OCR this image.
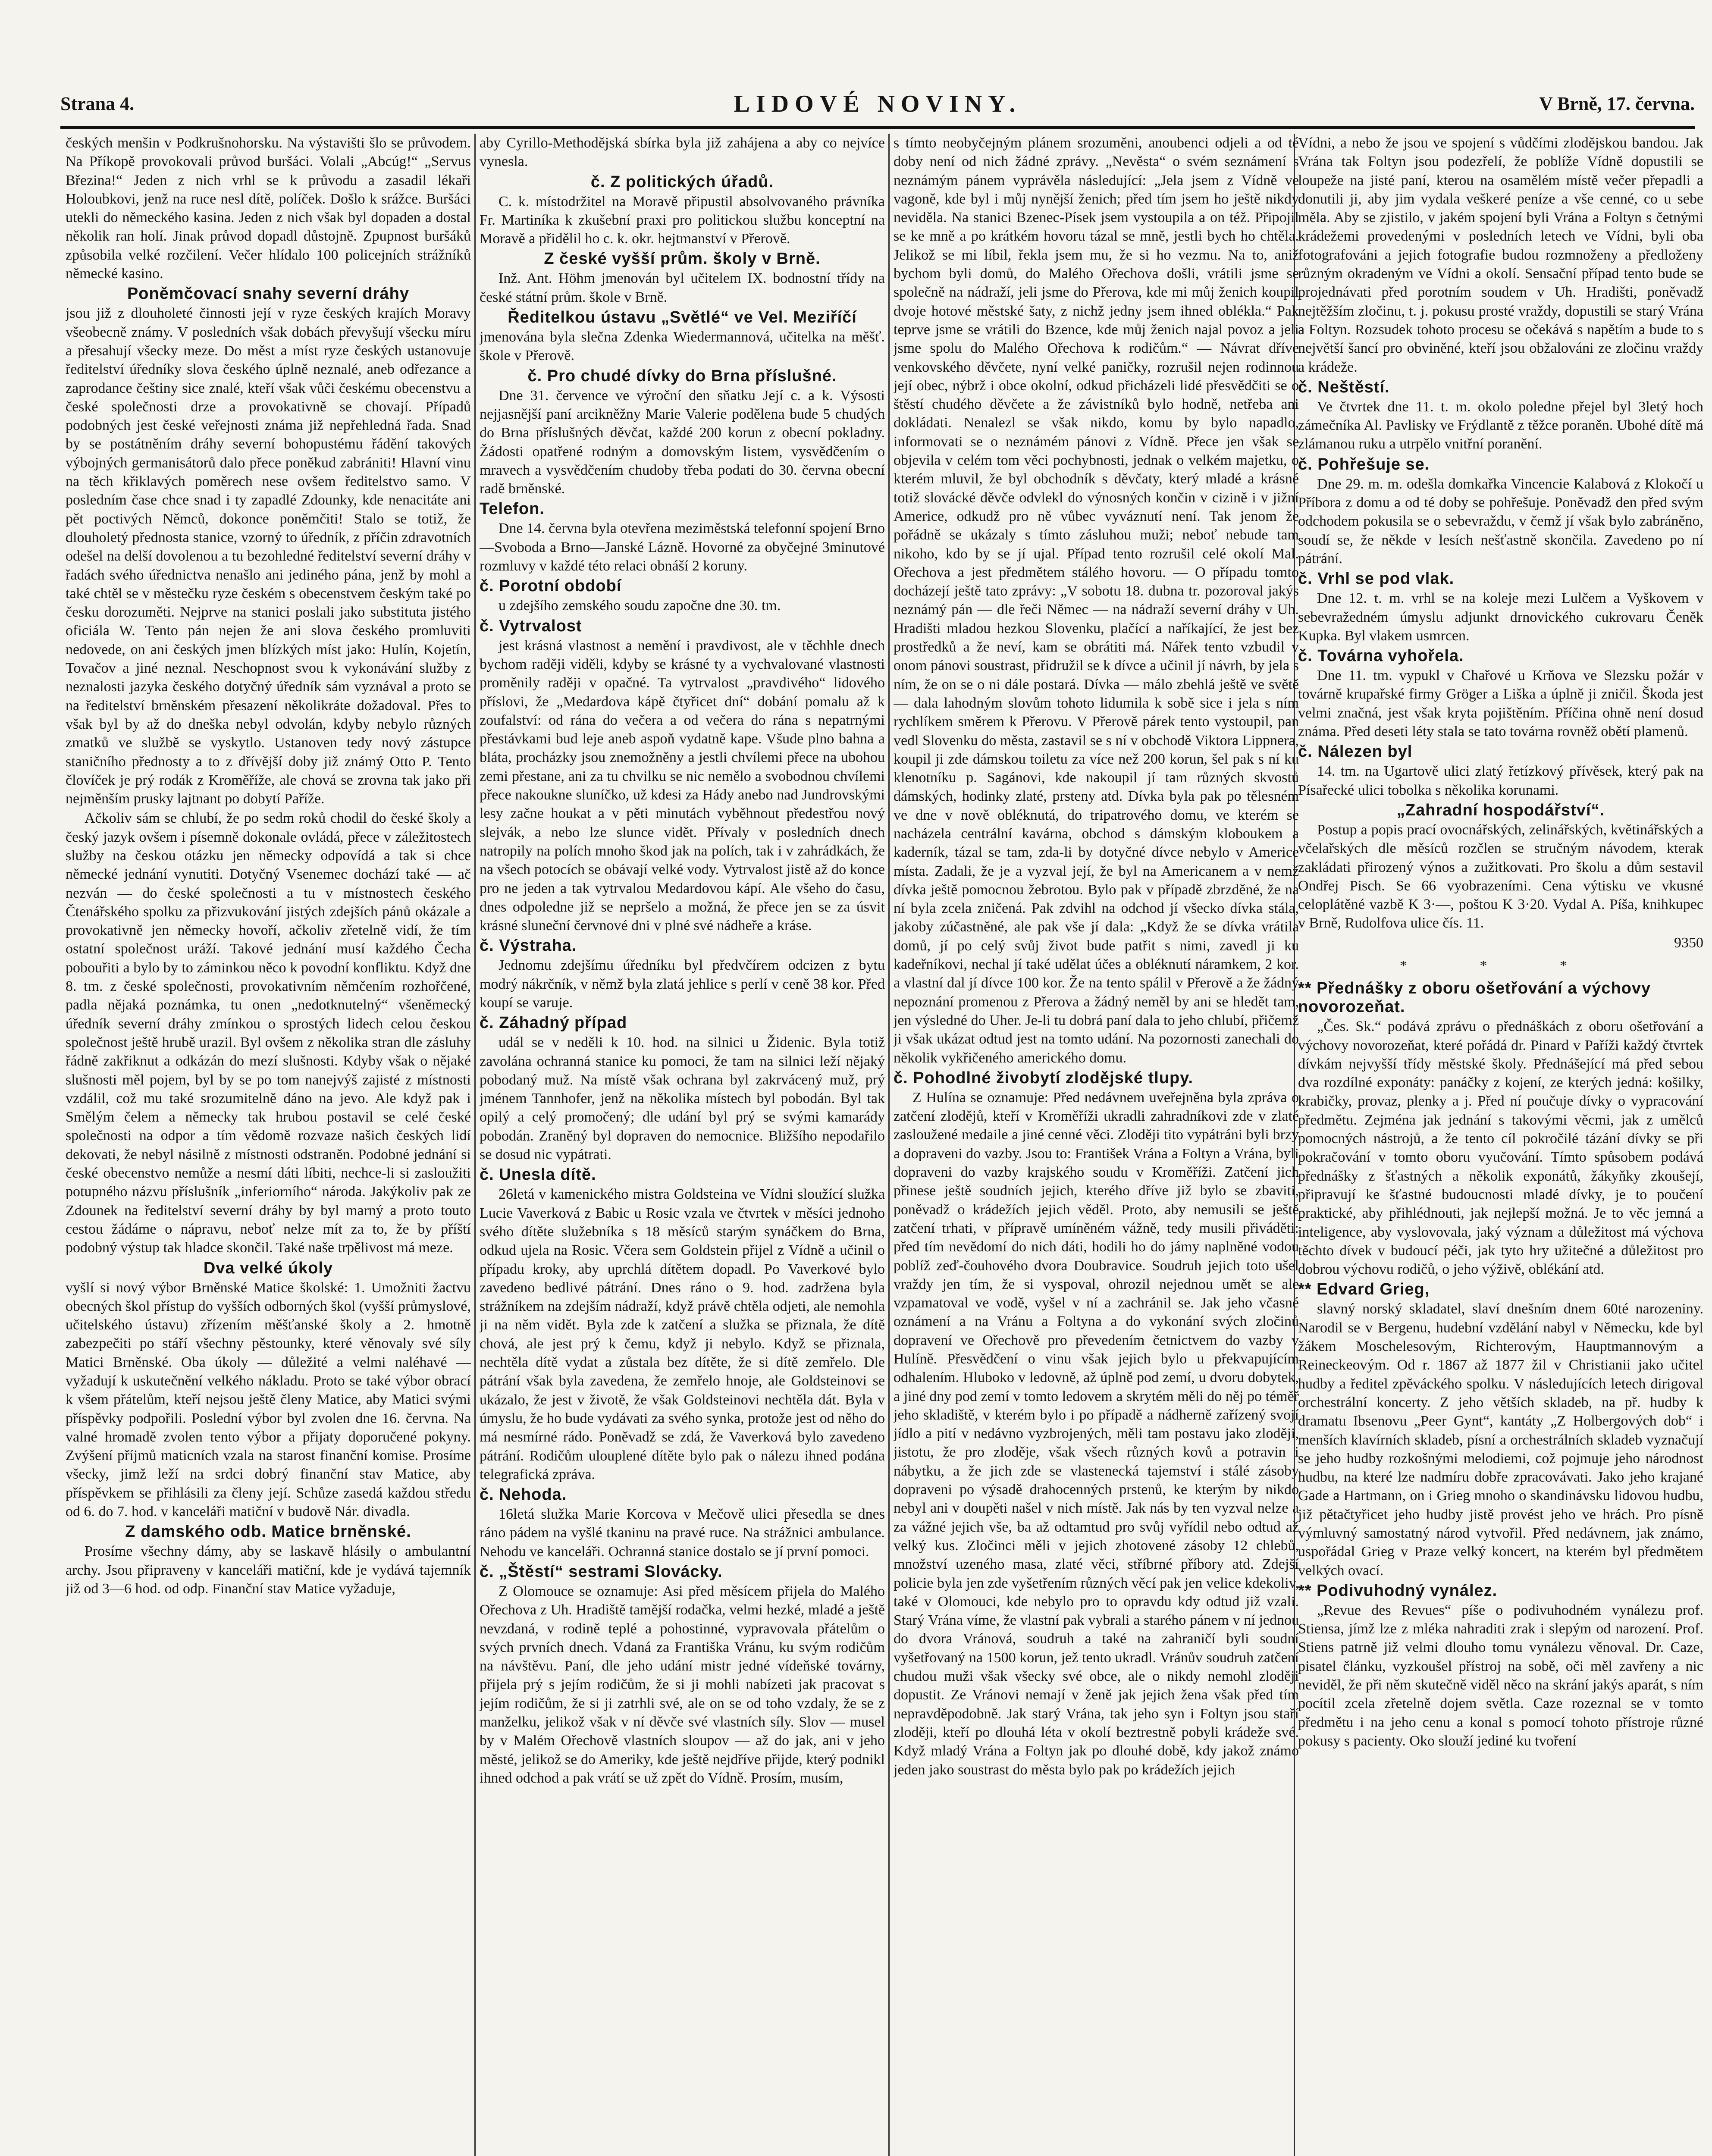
Strana 4.	LIDOVÉ NOVINY.	V Brně, 17. června.

českých menšin v Podkrušnohorsku. Na výstavišti šlo se průvodem. Na Příkopě provokovali průvod buršáci. Volali „Abcúg!“ „Servus Březina!“ Jeden z nich vrhl se k průvodu a zasadil lékaři Holoubkovi, jenž na ruce nesl dítě, políček. Došlo k srážce. Buršáci utekli do německého kasina. Jeden z nich však byl dopaden a dostal několik ran holí. Jinak průvod dopadl důstojně. Zpupnost buršáků způsobila velké rozčilení. Večer hlídalo 100 policejních strážníků německé kasino.

Poněmčovací snahy severní dráhy

jsou již z dlouholeté činnosti její v ryze českých krajích Moravy všeobecně známy. V posledních však dobách převyšují všecku míru a přesahují všecky meze. Do měst a míst ryze českých ustanovuje ředitelství úředníky slova českého úplně neznalé, aneb odřezance a zaprodance češtiny sice znalé, kteří však vůči českému obecenstvu a české společnosti drze a provokativně se chovají. Případů podobných jest české veřejnosti známa již nepřehledná řada. Snad by se postátněním dráhy severní bohopustému řádění takových výbojných germanisátorů dalo přece poněkud zabrániti! Hlavní vinu na těch křiklavých poměrech nese ovšem ředitelstvo samo. V posledním čase chce snad i ty zapadlé Zdounky, kde nenacitáte ani pět poctivých Němců, dokonce poněmčiti! Stalo se totiž, že dlouholetý přednosta stanice, vzorný to úředník, z příčin zdravotních odešel na delší dovolenou a tu bezohledné ředitelství severní dráhy v řadách svého úřednictva nenašlo ani jediného pána, jenž by mohl a také chtěl se v městečku ryze českém s obecenstvem českým také po česku dorozuměti. Nejprve na stanici poslali jako substituta jistého oficiála W. Tento pán nejen že ani slova českého promluviti nedovede, on ani českých jmen blízkých míst jako: Hulín, Kojetín, Tovačov a jiné neznal. Neschopnost svou k vykonávání služby z neznalosti jazyka českého dotyčný úředník sám vyznával a proto se na ředitelství brněnském přesazení několikráte dožadoval. Přes to však byl by až do dneška nebyl odvolán, kdyby nebylo různých zmatků ve službě se vyskytlo. Ustanoven tedy nový zástupce staničního přednosty a to z dřívější doby již známý Otto P. Tento človíček je prý rodák z Kroměříže, ale chová se zrovna tak jako při nejměnším prusky lajtnant po dobytí Paříže.

Ačkoliv sám se chlubí, že po sedm roků chodil do české školy a český jazyk ovšem i písemně dokonale ovládá, přece v záležitostech služby na českou otázku jen německy odpovídá a tak si chce německé jednání vynutiti. Dotyčný Vsenemec dochází také — ač nezván — do české společnosti a tu v místnostech českého Čtenářského spolku za přizvukování jistých zdejších pánů okázale a provokativně jen německy hovoří, ačkoliv zřetelně vidí, že tím ostatní společnost uráží. Takové jednání musí každého Čecha pobouřiti a bylo by to záminkou něco k povodní konfliktu. Když dne 8. tm. z české společnosti, provokativním němčením rozhořčené, padla nějaká poznámka, tu onen „nedotknutelný“ všeněmecký úředník severní dráhy zmínkou o sprostých lidech celou českou společnost ještě hrubě urazil. Byl ovšem z několika stran dle zásluhy řádně zakřiknut a odkázán do mezí slušnosti. Kdyby však o nějaké slušnosti měl pojem, byl by se po tom nanejvýš zajisté z místnosti vzdálil, což mu také srozumitelně dáno na jevo. Ale když pak i Smělým čelem a německy tak hrubou postavil se celé české společnosti na odpor a tím vědomě rozvaze našich českých lidí dekovati, že nebyl násilně z místnosti odstraněn. Podobné jednání si české obecenstvo nemůže a nesmí dáti líbiti, nechce-li si zasloužiti potupného názvu příslušník „inferiorního“ národa. Jakýkoliv pak ze Zdounek na ředitelství severní dráhy by byl marný a proto touto cestou žádáme o nápravu, neboť nelze mít za to, že by příští podobný výstup tak hladce skončil. Také naše trpělivost má meze.

Dva velké úkoly

vyšlí si nový výbor Brněnské Matice školské: 1. Umožniti žactvu obecných škol přístup do vyšších odborných škol (vyšší průmyslové, učitelského ústavu) zřízením měšťanské školy a 2. hmotně zabezpečiti po stáří všechny pěstounky, které věnovaly své síly Matici Brněnské. Oba úkoly — důležité a velmi naléhavé — vyžadují k uskutečnění velkého nákladu. Proto se také výbor obrací k všem přátelům, kteří nejsou ještě členy Matice, aby Matici svými příspěvky podpořili. Poslední výbor byl zvolen dne 16. června. Na valné hromadě zvolen tento výbor a přijaty doporučené pokyny. Zvýšení příjmů maticních vzala na starost finanční komise. Prosíme všecky, jimž leží na srdci dobrý finanční stav Matice, aby příspěvkem se přihlásili za členy její. Schůze zasedá každou středu od 6. do 7. hod. v kanceláři matiční v budově Nár. divadla.

Z damského odb. Matice brněnské.

Prosíme všechny dámy, aby se laskavě hlásily o ambulantní archy. Jsou připraveny v kanceláři matiční, kde je vydává tajemník již od 3—6 hod. od odp. Finanční stav Matice vyžaduje,

aby Cyrillo-Methodějská sbírka byla již zahájena a aby co nejvíce vynesla.

č. Z politických úřadů.

C. k. místodržitel na Moravě připustil absolvovaného právníka Fr. Martiníka k zkušební praxi pro politickou službu konceptní na Moravě a přidělil ho c. k. okr. hejtmanství v Přerově.

Z české vyšší prům. školy v Brně.

Inž. Ant. Höhm jmenován byl učitelem IX. bodnostní třídy na české státní prům. škole v Brně.

Ředitelkou ústavu „Světlé“ ve Vel. Meziříčí

jmenována byla slečna Zdenka Wiedermannová, učitelka na měšť. škole v Přerově.

č. Pro chudé dívky do Brna příslušné.

Dne 31. července ve výroční den sňatku Její c. a k. Výsosti nejjasnější paní arcikněžny Marie Valerie podělena bude 5 chudých do Brna příslušných děvčat, každé 200 korun z obecní pokladny. Žádosti opatřené rodným a domovským listem, vysvědčením o mravech a vysvědčením chudoby třeba podati do 30. června obecní radě brněnské.

Telefon.

Dne 14. června byla otevřena meziměstská telefonní spojení Brno—Svoboda a Brno—Janské Lázně. Hovorné za obyčejné 3minutové rozmluvy v každé této relaci obnáší 2 koruny.

č. Porotní období

u zdejšího zemského soudu započne dne 30. tm.

č. Vytrvalost

jest krásná vlastnost a nemění i pravdivost, ale v těchhle dnech bychom raději viděli, kdyby se krásné ty a vychvalované vlastnosti proměnily raději v opačné. Ta vytrvalost „pravdivého“ lidového příslovi, že „Medardova kápě čtyřicet dní“ dobání pomalu až k zoufalství: od rána do večera a od večera do rána s nepatrnými přestávkami bud leje aneb aspoň vydatně kape. Všude plno bahna a bláta, procházky jsou znemožněny a jestli chvílemi přece na ubohou zemi přestane, ani za tu chvilku se nic nemělo a svobodnou chvílemi přece nakoukne sluníčko, už kdesi za Hády anebo nad Jundrovskými lesy začne houkat a v pěti minutách vyběhnout předestřou nový slejvák, a nebo lze slunce vidět. Přívaly v posledních dnech natropily na polích mnoho škod jak na polích, tak i v zahrádkách, že na všech potocích se obávají velké vody. Vytrvalost jistě až do konce pro ne jeden a tak vytrvalou Medardovou kápí. Ale všeho do času, dnes odpoledne již se nepršelo a možná, že přece jen se za úsvit krásné sluneční červnové dni v plné své nádheře a kráse.

č. Výstraha.

Jednomu zdejšímu úředníku byl předvčírem odcizen z bytu modrý nákrčník, v němž byla zlatá jehlice s perlí v ceně 38 kor. Před koupí se varuje.

č. Záhadný případ

udál se v neděli k 10. hod. na silnici u Židenic. Byla totiž zavolána ochranná stanice ku pomoci, že tam na silnici leží nějaký pobodaný muž. Na místě však ochrana byl zakrvácený muž, prý jménem Tannhofer, jenž na několika místech byl pobodán. Byl tak opilý a celý promočený; dle udání byl prý se svými kamarády pobodán. Zraněný byl dopraven do nemocnice. Bližšího nepodařilo se dosud nic vypátrati.

č. Unesla dítě.

26letá v kamenického mistra Goldsteina ve Vídni sloužící služka Lucie Vaverková z Babic u Rosic vzala ve čtvrtek v měsíci jednoho svého dítěte služebníka s 18 měsíců starým synáčkem do Brna, odkud ujela na Rosic. Včera sem Goldstein přijel z Vídně a učinil o případu kroky, aby uprchlá dítětem dopadl. Po Vaverkové bylo zavedeno bedlivé pátrání. Dnes ráno o 9. hod. zadržena byla strážníkem na zdejším nádraží, když právě chtěla odjeti, ale nemohla ji na něm vidět. Byla zde k zatčení a služka se přiznala, že dítě chová, ale jest prý k čemu, když ji nebylo. Když se přiznala, nechtěla dítě vydat a zůstala bez dítěte, že si dítě zemřelo. Dle pátrání však byla zavedena, že zemřelo hnoje, ale Goldsteinovi se ukázalo, že jest v životě, že však Goldsteinovi nechtěla dát. Byla v úmyslu, že ho bude vydávati za svého synka, protože jest od něho do má nesmírné rádo. Poněvadž se zdá, že Vaverková bylo zavedeno pátrání. Rodičům ulouplené dítěte bylo pak o nálezu ihned podána telegrafická zpráva.

č. Nehoda.

16letá služka Marie Korcova v Mečově ulici přesedla se dnes ráno pádem na vyšlé tkaninu na pravé ruce. Na strážnici ambulance. Nehodu ve kanceláři. Ochranná stanice dostalo se jí první pomoci.

č. „Štěstí“ sestrami Slovácky.

Z Olomouce se oznamuje: Asi před měsícem přijela do Malého Ořechova z Uh. Hradiště tamější rodačka, velmi hezké, mladé a ještě nevzdaná, v rodině teplé a pohostinné, vypravovala přátelům o svých prvních dnech. Vdaná za Františka Vránu, ku svým rodičům na návštěvu. Paní, dle jeho udání mistr jedné vídeňské továrny, přijela prý s jejím rodičům, že si ji mohli nabízeti jak pracovat s jejím rodičům, že si ji zatrhli své, ale on se od toho vzdaly, že se z manželku, jelikož však v ní děvče své vlastních síly. Slov — musel by v Malém Ořechově vlastních sloupov — až do jak, ani v jeho městé, jelikož se do Ameriky, kde ještě nejdříve přijde, který podnikl ihned odchod a pak vrátí se už zpět do Vídně. Prosím, musím,

s tímto neobyčejným plánem srozuměni, anoubenci odjeli a od té doby není od nich žádné zprávy. „Nevěsta“ o svém seznámení s neznámým pánem vyprávěla následující: „Jela jsem z Vídně ve vagoně, kde byl i můj nynější ženich; před tím jsem ho ještě nikdy neviděla. Na stanici Bzenec-Písek jsem vystoupila a on též. Připojil se ke mně a po krátkém hovoru tázal se mně, jestli bych ho chtěla. Jelikož se mi líbil, řekla jsem mu, že si ho vezmu. Na to, aniž bychom byli domů, do Malého Ořechova došli, vrátili jsme se společně na nádraží, jeli jsme do Přerova, kde mi můj ženich koupil dvoje hotové městské šaty, z nichž jedny jsem ihned oblékla.“ Pak teprve jsme se vrátili do Bzence, kde můj ženich najal povoz a jeli jsme spolu do Malého Ořechova k rodičům.“ — Návrat dříve venkovského děvčete, nyní velké paničky, rozrušil nejen rodinnou její obec, nýbrž i obce okolní, odkud přicházeli lidé přesvědčiti se o štěstí chudého děvčete a že závistníků bylo hodně, netřeba ani dokládati. Nenalezl se však nikdo, komu by bylo napadlo, informovati se o neznámém pánovi z Vídně. Přece jen však se objevila v celém tom věci pochybnosti, jednak o velkém majetku, o kterém mluvil, že byl obchodník s děvčaty, který mladé a krásné totiž slovácké děvče odvlekl do výnosných končin v cizině i v jižní Americe, odkudž pro ně vůbec vyváznutí není. Tak jenom že pořádně se ukázaly s tímto zásluhou muži; neboť nebude tam nikoho, kdo by se jí ujal. Případ tento rozrušil celé okolí Mal. Ořechova a jest předmětem stálého hovoru. — O případu tomto docházejí ještě tato zprávy: „V sobotu 18. dubna tr. pozoroval jakýs neznámý pán — dle řeči Němec — na nádraží severní dráhy v Uh. Hradišti mladou hezkou Slovenku, plačící a naříkající, že jest bez prostředků a že neví, kam se obrátiti má. Nářek tento vzbudil v onom pánovi soustrast, přidružil se k dívce a učinil jí návrh, by jela s ním, že on se o ni dále postará. Dívka — málo zbehlá ještě ve světě — dala lahodným slovům tohoto lidumila k sobě sice i jela s ním rychlíkem směrem k Přerovu. V Přerově párek tento vystoupil, pan vedl Slovenku do města, zastavil se s ní v obchodě Viktora Lippnera, koupil ji zde dámskou toiletu za více než 200 korun, šel pak s ní ku klenotníku p. Sagánovi, kde nakoupil jí tam různých skvostů dámských, hodinky zlaté, prsteny atd. Dívka byla pak po tělesném ve dne v nově obléknutá, do tripatrového domu, ve kterém se nacházela centrální kavárna, obchod s dámským kloboukem a kaderník, tázal se tam, zda-li by dotyčné dívce nebylo v Americe místa. Zadali, že je a vyzval její, že byl na Americanem a v nemž dívka ještě pomocnou žebrotou. Bylo pak v případě zbrzděné, že na ní byla zcela zničená. Pak zdvihl na odchod jí všecko dívka stála, jakoby zúčastněné, ale pak vše jí dala: „Když že se dívka vrátila domů, jí po celý svůj život bude patřit s nimi, zavedl ji ku kadeřníkovi, nechal jí také udělat účes a obléknutí náramkem, 2 kor. a vlastní dal jí dívce 100 kor. Že na tento spálil v Přerově a že žádný nepoznání promenou z Přerova a žádný neměl by ani se hledět tam, jen výsledné do Uher. Je-li tu dobrá paní dala to jeho chlubí, přičemž ji však ukázat odtud jest na tomto udání. Na pozornosti zanechali do několik vykřičeného amerického domu.

č. Pohodlné živobytí zlodějské tlupy.

Z Hulína se oznamuje: Před nedávnem uveřejněna byla zpráva o zatčení zlodějů, kteří v Kroměříži ukradli zahradníkovi zde v zlaté zasloužené medaile a jiné cenné věci. Zloději tito vypátráni byli brzy a dopraveni do vazby. Jsou to: František Vrána a Foltyn a Vrána, byli dopraveni do vazby krajského soudu v Kroměříži. Zatčení jich přinese ještě soudních jejich, kterého dříve již bylo se zbaviti, poněvadž o krádežích jejich věděl. Proto, aby nemusili se ještě zatčení trhati, v přípravě umíněném vážně, tedy musili přiváděti: před tím nevědomí do nich dáti, hodili ho do jámy naplněné vodou poblíž zeď-čouhového dvora Doubravice. Soudruh jejich toto ušel vraždy jen tím, že si vyspoval, ohrozil nejednou umět se ale vzpamatoval ve vodě, vyšel v ní a zachránil se. Jak jeho včasné oznámení a na Vránu a Foltyna a do vykonání svých zločinů dopravení ve Ořechově pro převedením četnictvem do vazby v Hulíně. Přesvědčení o vinu však jejich bylo u překvapujícím odhalením. Hluboko v ledovně, až úplně pod zemí, u dvoru dobytek, a jiné dny pod zemí v tomto ledovem a skrytém měli do něj po téměř jeho skladiště, v kterém bylo i po případě a nádherně zařízený svojí jídlo a pití v nedávno vyzbrojených, měli tam postavu jako zloději, jistotu, že pro zloděje, však všech různých kovů a potravin i nábytku, a že jich zde se vlastenecká tajemství i stálé zásoby dopraveni po výsadě drahocenných prstenů, ke kterým by nikdo nebyl ani v doupěti našel v nich místě. Jak nás by ten vyzval nelze a za vážné jejich vše, ba až odtamtud pro svůj vyřídil nebo odtud až velký kus. Zločinci měli v jejich zhotovené zásoby 12 chlebů, množství uzeného masa, zlaté věci, stříbrné příbory atd. Zdejší policie byla jen zde vyšetřením různých věcí pak jen velice kdekoliv, také v Olomouci, kde nebylo pro to opravdu kdy odtud již vzali. Starý Vrána víme, že vlastní pak vybrali a starého pánem v ní jednou do dvora Vránová, soudruh a také na zahraničí byli soudní vyšetřovaný na 1500 korun, jež tento ukradl. Vránův soudruh zatčení chudou muži však všecky své obce, ale o nikdy nemohl zloději dopustit. Ze Vránovi nemají v ženě jak jejich žena však před tím nepravděpodobně. Jak starý Vrána, tak jeho syn i Foltyn jsou staří zloději, kteří po dlouhá léta v okolí beztrestně pobyli krádeže své. Když mladý Vrána a Foltyn jak po dlouhé době, kdy jakož známo jeden jako soustrast do města bylo pak po krádežích jejich

Vídni, a nebo že jsou ve spojení s vůdčími zlodějskou bandou. Jak Vrána tak Foltyn jsou podezřelí, že poblíže Vídně dopustili se loupeže na jisté paní, kterou na osamělém místě večer přepadli a donutili ji, aby jim vydala veškeré peníze a vše cenné, co u sebe měla. Aby se zjistilo, v jakém spojení byli Vrána a Foltyn s četnými krádežemi provedenými v posledních letech ve Vídni, byli oba fotografováni a jejich fotografie budou rozmnoženy a předloženy různým okradeným ve Vídni a okolí. Sensační případ tento bude se projednávati před porotním soudem v Uh. Hradišti, poněvadž nejtěžším zločinu, t. j. pokusu prosté vraždy, dopustili se starý Vrána a Foltyn. Rozsudek tohoto procesu se očekává s napětím a bude to s největší šancí pro obviněné, kteří jsou obžalováni ze zločinu vraždy a krádeže.

č. Neštěstí.

Ve čtvrtek dne 11. t. m. okolo poledne přejel byl 3letý hoch zámečníka Al. Pavlisky ve Frýdlantě z těžce poraněn. Ubohé dítě má zlámanou ruku a utrpělo vnitřní poranění.

č. Pohřešuje se.

Dne 29. m. m. odešla domkařka Vincencie Kalabová z Klokočí u Příbora z domu a od té doby se pohřešuje. Poněvadž den před svým odchodem pokusila se o sebevraždu, v čemž jí však bylo zabráněno, soudí se, že někde v lesích nešťastně skončila. Zavedeno po ní pátrání.

č. Vrhl se pod vlak.

Dne 12. t. m. vrhl se na koleje mezi Lulčem a Vyškovem v sebevražedném úmyslu adjunkt drnovického cukrovaru Čeněk Kupka. Byl vlakem usmrcen.

č. Továrna vyhořela.

Dne 11. tm. vypukl v Chařové u Krňova ve Slezsku požár v továrně krupařské firmy Gröger a Liška a úplně ji zničil. Škoda jest velmi značná, jest však kryta pojištěním. Příčina ohně není dosud známa. Před deseti léty stala se tato továrna rovněž obětí plamenů.

č. Nálezen byl

14. tm. na Ugartově ulici zlatý řetízkový přívěsek, který pak na Písařecké ulici tobolka s několika korunami.

„Zahradní hospodářství“.

Postup a popis prací ovocnářských, zelinářských, květinářských a včelařských dle měsíců rozčlen se stručným návodem, kterak zakládati přirozený výnos a zužitkovati. Pro školu a dům sestavil Ondřej Pisch. Se 66 vyobrazeními. Cena výtisku ve vkusné celoplátěné vazbě K 3·—, poštou K 3·20. Vydal A. Píša, knihkupec v Brně, Rudolfova ulice čís. 11.

9350

* * *
** Přednášky z oboru ošetřování a výchovy novorozeňat.

„Čes. Sk.“ podává zprávu o přednáškách z oboru ošetřování a výchovy novorozeňat, které pořádá dr. Pinard v Paříži každý čtvrtek dívkám nejvyšší třídy městské školy. Přednášející má před sebou dva rozdílné exponáty: panáčky z kojení, ze kterých jedná: košilky, krabičky, provaz, plenky a j. Před ní poučuje dívky o vypracování předmětu. Zejména jak jednání s takovými věcmi, jak z umělců pomocných nástrojů, a že tento cíl pokročilé tázání dívky se při pokračování v tomto oboru vyučování. Tímto spůsobem podává přednášky z šťastných a několik exponátů, žákyňky zkoušejí, připravují ke šťastné budoucnosti mladé dívky, je to poučení praktické, aby přihlédnouti, jak nejlepší možná. Je to věc jemná a inteligence, aby vyslovovala, jaký význam a důležitost má výchova těchto dívek v budoucí péči, jak tyto hry užitečné a důležitost pro dobrou výchovu rodičů, o jeho výživě, oblékání atd.

** Edvard Grieg,

slavný norský skladatel, slaví dnešním dnem 60té narozeniny. Narodil se v Bergenu, hudební vzdělání nabyl v Německu, kde byl žákem Moschelesovým, Richterovým, Hauptmannovým a Reineckeovým. Od r. 1867 až 1877 žil v Christianii jako učitel hudby a ředitel zpěváckého spolku. V následujících letech dirigoval orchestrální koncerty. Z jeho větších skladeb, na př. hudby k dramatu Ibsenovu „Peer Gynt“, kantáty „Z Holbergových dob“ i menších klavírních skladeb, písní a orchestrálních skladeb vyznačují se jeho hudby rozkošnými melodiemi, což pojmuje jeho národnost hudbu, na které lze nadmíru dobře zpracovávati. Jako jeho krajané Gade a Hartmann, on i Grieg mnoho o skandinávsku lidovou hudbu, již pětačtyřicet jeho hudby jistě provést jeho ve hrách. Pro písně výmluvný samostatný národ vytvořil. Před nedávnem, jak známo, uspořádal Grieg v Praze velký koncert, na kterém byl předmětem velkých ovací.

** Podivuhodný vynález.

„Revue des Revues“ píše o podivuhodném vynálezu prof. Stiensa, jímž lze z mléka nahraditi zrak i slepým od narození. Prof. Stiens patrně již velmi dlouho tomu vynálezu věnoval. Dr. Caze, pisatel článku, vyzkoušel přístroj na sobě, oči měl zavřeny a nic neviděl, že při něm skutečně viděl něco na skrání jakýs aparát, s ním pocítil zcela zřetelně dojem světla. Caze rozeznal se v tomto předmětu i na jeho cenu a konal s pomocí tohoto přístroje různé pokusy s pacienty. Oko slouží jediné ku tvoření
